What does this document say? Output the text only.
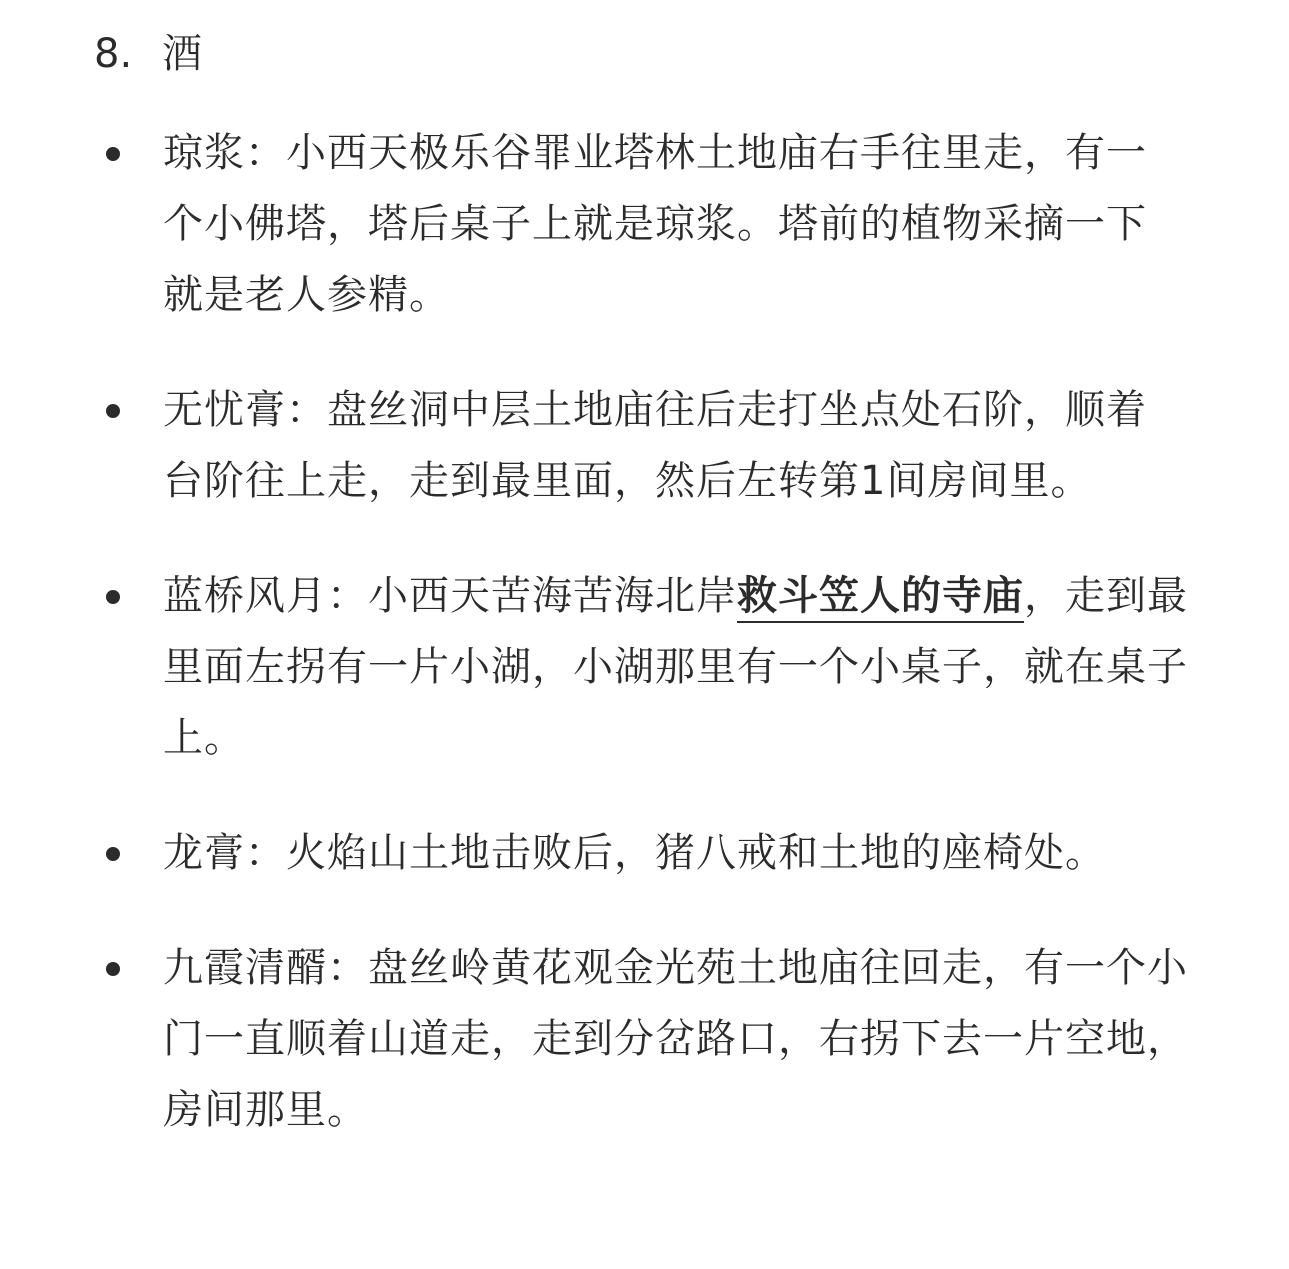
8. 酒
琼浆：小西天极乐谷罪业塔林土地庙右手往里走，有一个小佛塔，塔后桌子上就是琼浆。塔前的植物采摘一下就是老人参精。
无忧膏：盘丝洞中层土地庙往后走打坐点处石阶，顺着台阶往上走，走到最里面，然后左转第1间房间里。
蓝桥风月：小西天苦海苦海北岸救斗笠人的寺庙，走到最里面左拐有一片小湖，小湖那里有一个小桌子，就在桌子上。
龙膏：火焰山土地击败后，猪八戒和土地的座椅处。
九霞清醑：盘丝岭黄花观金光苑土地庙往回走，有一个小门一直顺着山道走，走到分岔路口，右拐下去一片空地，房间那里。
